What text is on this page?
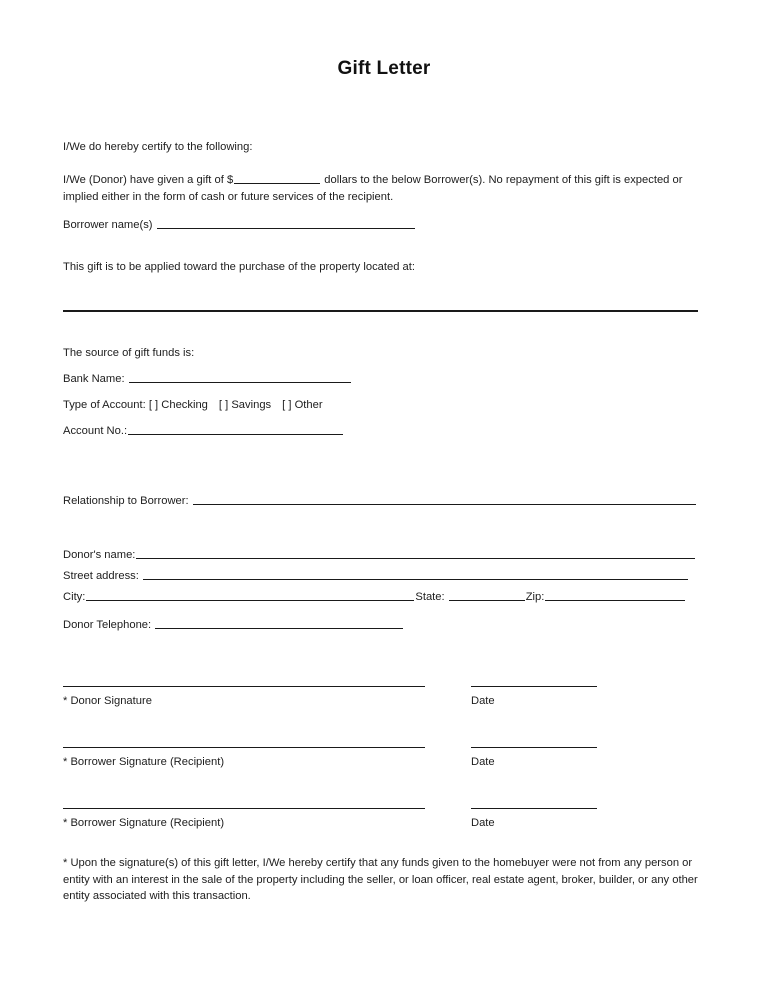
Gift Letter
I/We do hereby certify to the following:
I/We (Donor) have given a gift of $	dollars to the below Borrower(s). No repayment of this gift is expected or implied either in the form of cash or future services of the recipient.
Borrower name(s)
This gift is to be applied toward the purchase of the property located at:
The source of gift funds is:
Bank Name:
Type of Account: [ ] Checking [ ] Savings [ ] Other
Account No.:
Relationship to Borrower:
Donor's name:
Street address:
City:	State:	Zip:
Donor Telephone:
* Donor Signature	Date
* Borrower Signature (Recipient)	Date
* Borrower Signature (Recipient)	Date
* Upon the signature(s) of this gift letter, I/We hereby certify that any funds given to the homebuyer were not from any person or entity with an interest in the sale of the property including the seller, or loan officer, real estate agent, broker, builder, or any other entity associated with this transaction.
